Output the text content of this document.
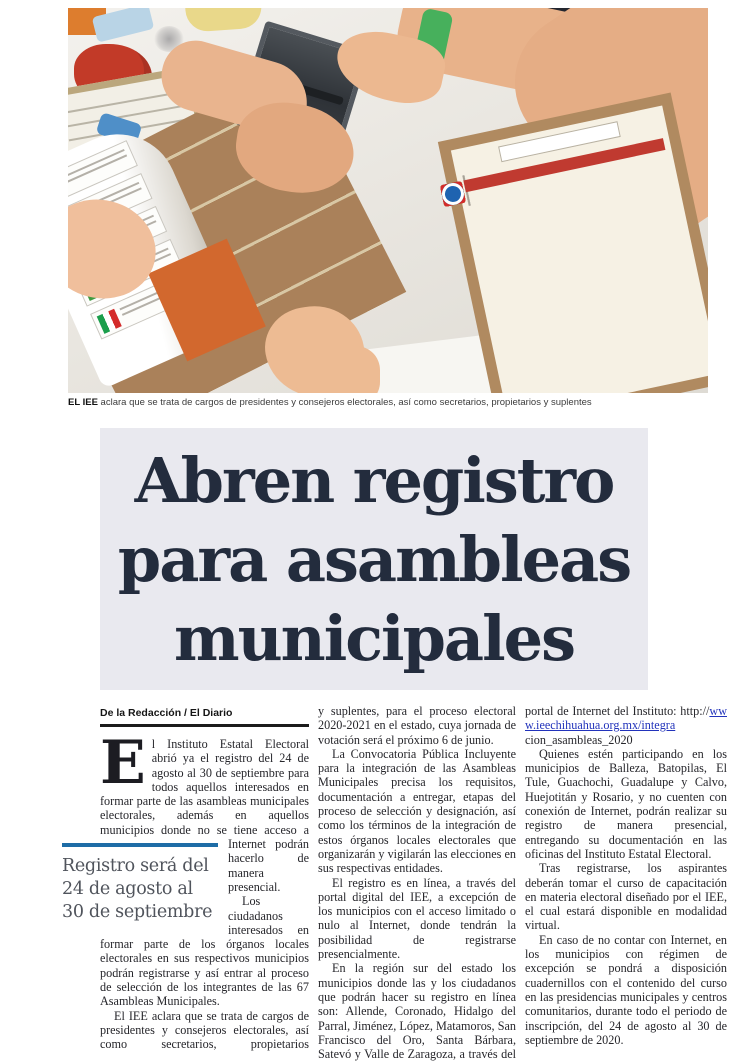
EL IEE aclara que se trata de cargos de presidentes y consejeros electorales, así como secretarios, propietarios y suplentes

Abren registro
para asambleas
municipales
De la Redacción / El Diario

E l Instituto Estatal Electoral abrió ya el registro del 24 de agosto al 30 de septiembre para todos aquellos interesados en formar parte de las asambleas municipales electorales, además en aquellos municipios donde no se tiene acceso
Registro será del 24 de agosto al 30 de septiembre
a Internet podrán hacerlo de manera presencial.

Los ciudadanos interesados en formar parte de los órganos locales electorales en sus respectivos municipios podrán registrarse y así entrar al proceso de selección de los integrantes de las 67 Asambleas Municipales.

El IEE aclara que se trata de cargos de presidentes y consejeros electorales, así como secretarios, propietarios

y suplentes, para el proceso electoral 2020-2021 en el estado, cuya jornada de votación será el próximo 6 de junio.

La Convocatoria Pública Incluyente para la integración de las Asambleas Municipales precisa los requisitos, documentación a entregar, etapas del proceso de selección y designación, así como los términos de la integración de estos órganos locales electorales que organizarán y vigilarán las elecciones en sus respectivas entidades.

El registro es en línea, a través del portal digital del IEE, a excepción de los municipios con el acceso limitado o nulo al Internet, donde tendrán la posibilidad de registrarse presencialmente.

En la región sur del estado los municipios donde las y los ciudadanos que podrán hacer su registro en línea son: Allende, Coronado, Hidalgo del Parral, Jiménez, López, Matamoros, San Francisco del Oro, Santa Bárbara, Satevó y Valle de Zaragoza, a través del

portal de Internet del Instituto: http://www.ieechihuahua.org.mx/integracion_asambleas_2020

Quienes estén participando en los municipios de Balleza, Batopilas, El Tule, Guachochi, Guadalupe y Calvo, Huejotitán y Rosario, y no cuenten con conexión de Internet, podrán realizar su registro de manera presencial, entregando su documentación en las oficinas del Instituto Estatal Electoral.

Tras registrarse, los aspirantes deberán tomar el curso de capacitación en materia electoral diseñado por el IEE, el cual estará disponible en modalidad virtual.

En caso de no contar con Internet, en los municipios con régimen de excepción se pondrá a disposición cuadernillos con el contenido del curso en las presidencias municipales y centros comunitarios, durante todo el periodo de inscripción, del 24 de agosto al 30 de septiembre de 2020.
